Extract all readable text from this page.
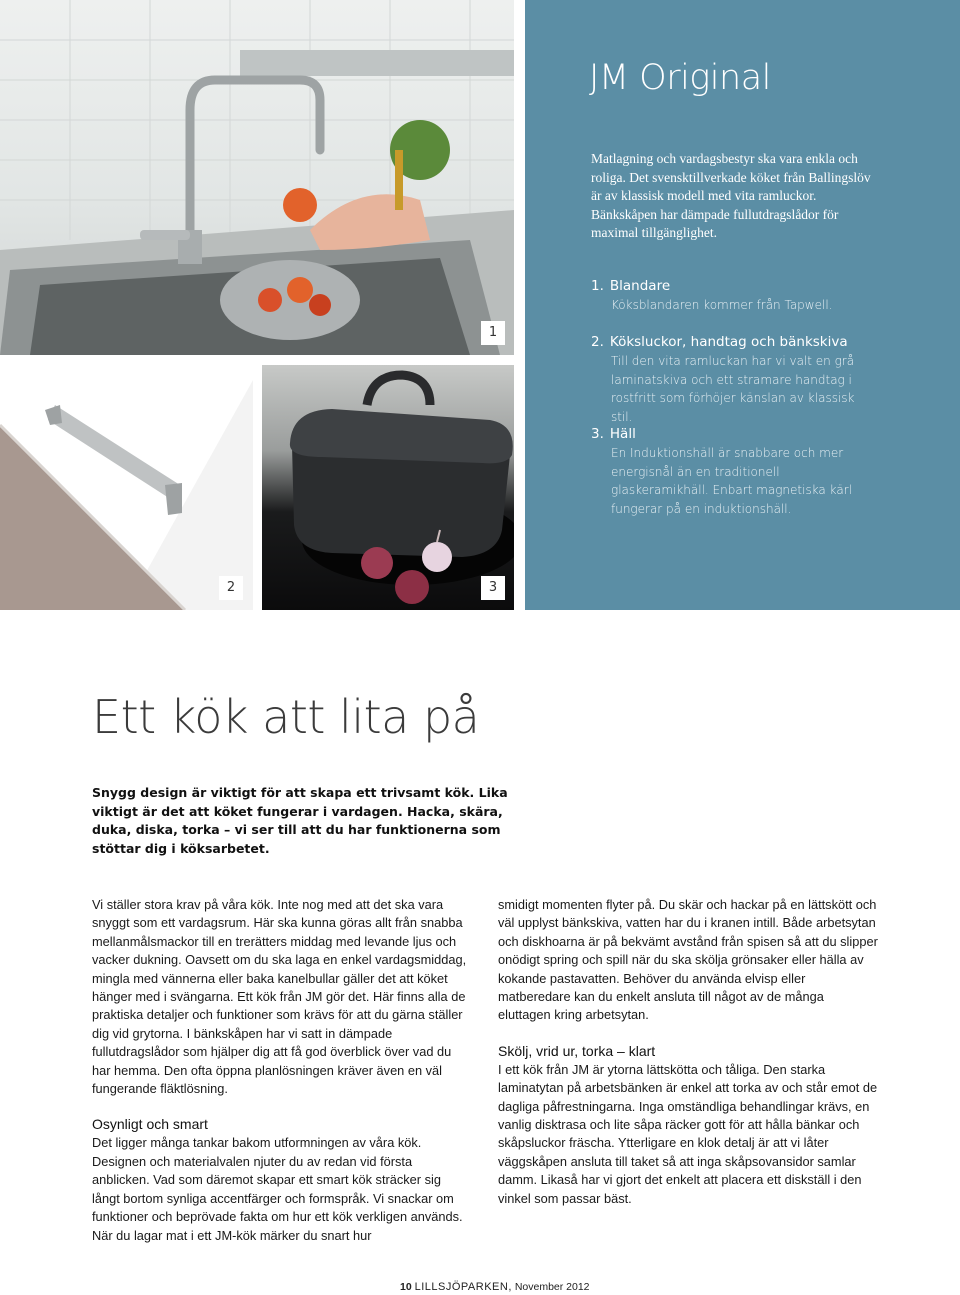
1
2	3
JM Original
Matlagning och vardagsbestyr ska vara enkla och roliga. Det svensktillverkade köket från Ballingslöv är av klassisk modell med vita ramluckor. Bänkskåpen har dämpade fullutdragslådor för maximal tillgänglighet.
1. Blandare
Köksblandaren kommer från Tapwell.
2. Köksluckor, handtag och bänkskiva
Till den vita ramluckan har vi valt en grå laminatskiva och ett stramare handtag i rostfritt som förhöjer känslan av klassisk stil.
3. Häll
En Induktionshäll är snabbare och mer energisnål än en traditionell glaskeramikhäll. Enbart magnetiska kärl fungerar på en induktionshäll.
Ett kök att lita på
Snygg design är viktigt för att skapa ett trivsamt kök. Lika viktigt är det att köket fungerar i vardagen. Hacka, skära, duka, diska, torka – vi ser till att du har funktionerna som stöttar dig i köksarbetet.

Vi ställer stora krav på våra kök. Inte nog med att det ska vara snyggt som ett vardagsrum. Här ska kunna göras allt från snabba mellanmålsmackor till en trerätters middag med levande ljus och vacker dukning. Oavsett om du ska laga en enkel vardagsmiddag, mingla med vännerna eller baka kanelbullar gäller det att köket hänger med i svängarna. Ett kök från JM gör det. Här finns alla de praktiska detaljer och funktioner som krävs för att du gärna ställer dig vid grytorna. I bänkskåpen har vi satt in dämpade fullutdragslådor som hjälper dig att få god överblick över vad du har hemma. Den ofta öppna planlösningen kräver även en väl fungerande fläktlösning.

Osynligt och smart

Det ligger många tankar bakom utformningen av våra kök. Designen och materialvalen njuter du av redan vid första anblicken. Vad som däremot skapar ett smart kök sträcker sig långt bortom synliga accentfärger och formspråk. Vi snackar om funktioner och beprövade fakta om hur ett kök verkligen används. När du lagar mat i ett JM-kök märker du snart hur

smidigt momenten flyter på. Du skär och hackar på en lättskött och väl upplyst bänkskiva, vatten har du i kranen intill. Både arbetsytan och diskhoarna är på bekvämt avstånd från spisen så att du slipper onödigt spring och spill när du ska skölja grönsaker eller hälla av kokande pastavatten. Behöver du använda elvisp eller matberedare kan du enkelt ansluta till något av de många eluttagen kring arbetsytan.

Skölj, vrid ur, torka – klart

I ett kök från JM är ytorna lättskötta och tåliga. Den starka laminatytan på arbetsbänken är enkel att torka av och står emot de dagliga påfrestningarna. Inga omständliga behandlingar krävs, en vanlig disktrasa och lite såpa räcker gott för att hålla bänkar och skåpsluckor fräscha. Ytterligare en klok detalj är att vi låter väggskåpen ansluta till taket så att inga skåpsovansidor samlar damm. Likaså har vi gjort det enkelt att placera ett diskställ i den vinkel som passar bäst.

10 LILLSJÖPARKEN, November 2012
